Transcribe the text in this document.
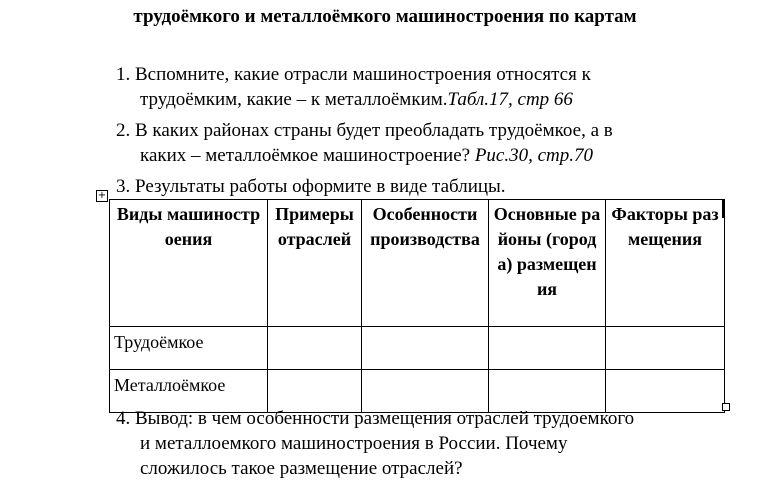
трудоёмкого и металлоёмкого машиностроения по картам
1. Вспомните, какие отрасли машиностроения относятся к
трудоёмким, какие – к металлоёмким.Табл.17, стр 66
2. В каких районах страны будет преобладать трудоёмкое, а в
каких – металлоёмкое машиностроение? Рис.30, стр.70
3. Результаты работы оформите в виде таблицы.
+
Виды машиностроения	Примеры отраслей	Особенности производства	Основные районы (города) размещения	Факторы размещения
Трудоёмкое				
Металлоёмкое				
4. Вывод: в чем особенности размещения отраслей трудоемкого
и металлоемкого машиностроения в России. Почему
сложилось такое размещение отраслей?
